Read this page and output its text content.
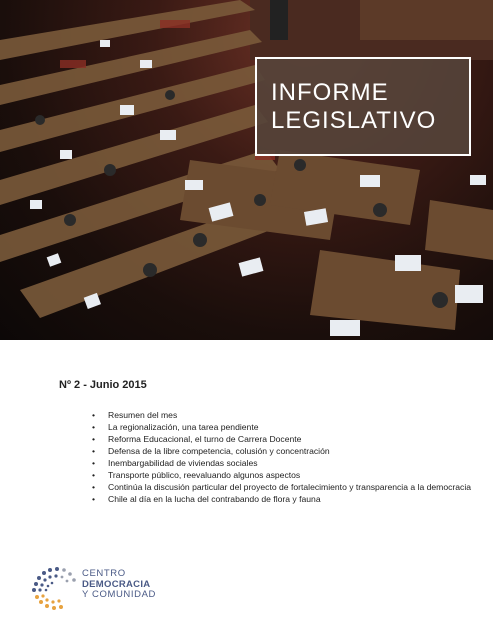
INFORME
LEGISLATIVO
Nº 2 - Junio 2015
•	Resumen del mes
•	La regionalización, una tarea pendiente
•	Reforma Educacional, el turno de Carrera Docente
•	Defensa de la libre competencia, colusión y concentración
•	Inembargabilidad de viviendas sociales
•	Transporte público, reevaluando algunos aspectos
•	Continúa la discusión particular del proyecto de fortalecimiento y transparencia a la democracia
•	Chile al día en la lucha del contrabando de flora y fauna
CENTRO
DEMOCRACIA
Y COMUNIDAD
